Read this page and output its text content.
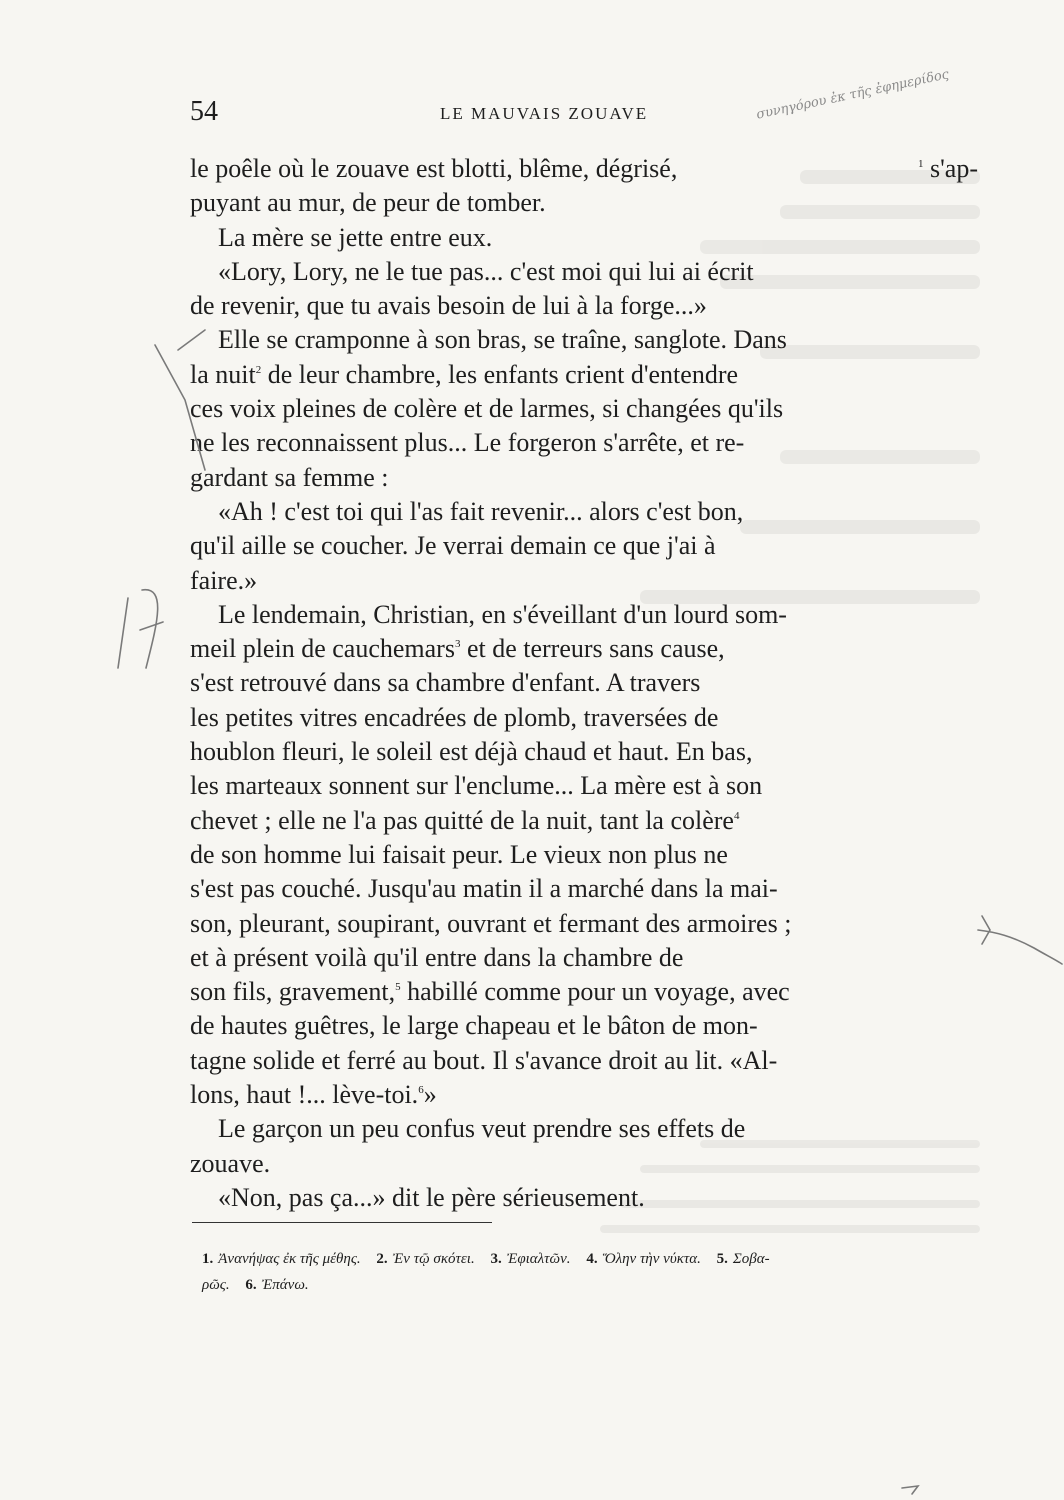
54	LE MAUVAIS ZOUAVE	συνηγόρου ἐκ τῆς ἐφημερίδος
le poêle où le zouave est blotti, blême, dégrisé,	$^1$ s'ap-
puyant au mur, de peur de tomber.
La mère se jette entre eux.
«Lory, Lory, ne le tue pas... c'est moi qui lui ai écrit
de revenir, que tu avais besoin de lui à la forge...»
Elle se cramponne à son bras, se traîne, sanglote. Dans
la nuit$^2$ de leur chambre, les enfants crient d'entendre
ces voix pleines de colère et de larmes, si changées qu'ils
ne les reconnaissent plus... Le forgeron s'arrête, et re-
gardant sa femme :
«Ah ! c'est toi qui l'as fait revenir... alors c'est bon,
qu'il aille se coucher. Je verrai demain ce que j'ai à
faire.»
Le lendemain, Christian, en s'éveillant d'un lourd som-
meil plein de cauchemars$^3$ et de terreurs sans cause,
s'est retrouvé dans sa chambre d'enfant. A travers
les petites vitres encadrées de plomb, traversées de
houblon fleuri, le soleil est déjà chaud et haut. En bas,
les marteaux sonnent sur l'enclume... La mère est à son
chevet ; elle ne l'a pas quitté de la nuit, tant la colère$^4$
de son homme lui faisait peur. Le vieux non plus ne
s'est pas couché. Jusqu'au matin il a marché dans la mai-
son, pleurant, soupirant, ouvrant et fermant des armoires ;
et à présent voilà qu'il entre dans la chambre de
son fils, gravement,$^5$ habillé comme pour un voyage, avec
de hautes guêtres, le large chapeau et le bâton de mon-
tagne solide et ferré au bout. Il s'avance droit au lit. «Al-
lons, haut !... lève-toi.$^6$»
Le garçon un peu confus veut prendre ses effets de
zouave.
«Non, pas ça...» dit le père sérieusement.
1. Ἀνανήψας ἐκ τῆς μέθης. 2. Ἐν τῷ σκότει. 3. Ἐφιαλτῶν. 4. Ὅλην τὴν νύκτα. 5. Σοβα-
ρῶς. 6. Ἐπάνω.
